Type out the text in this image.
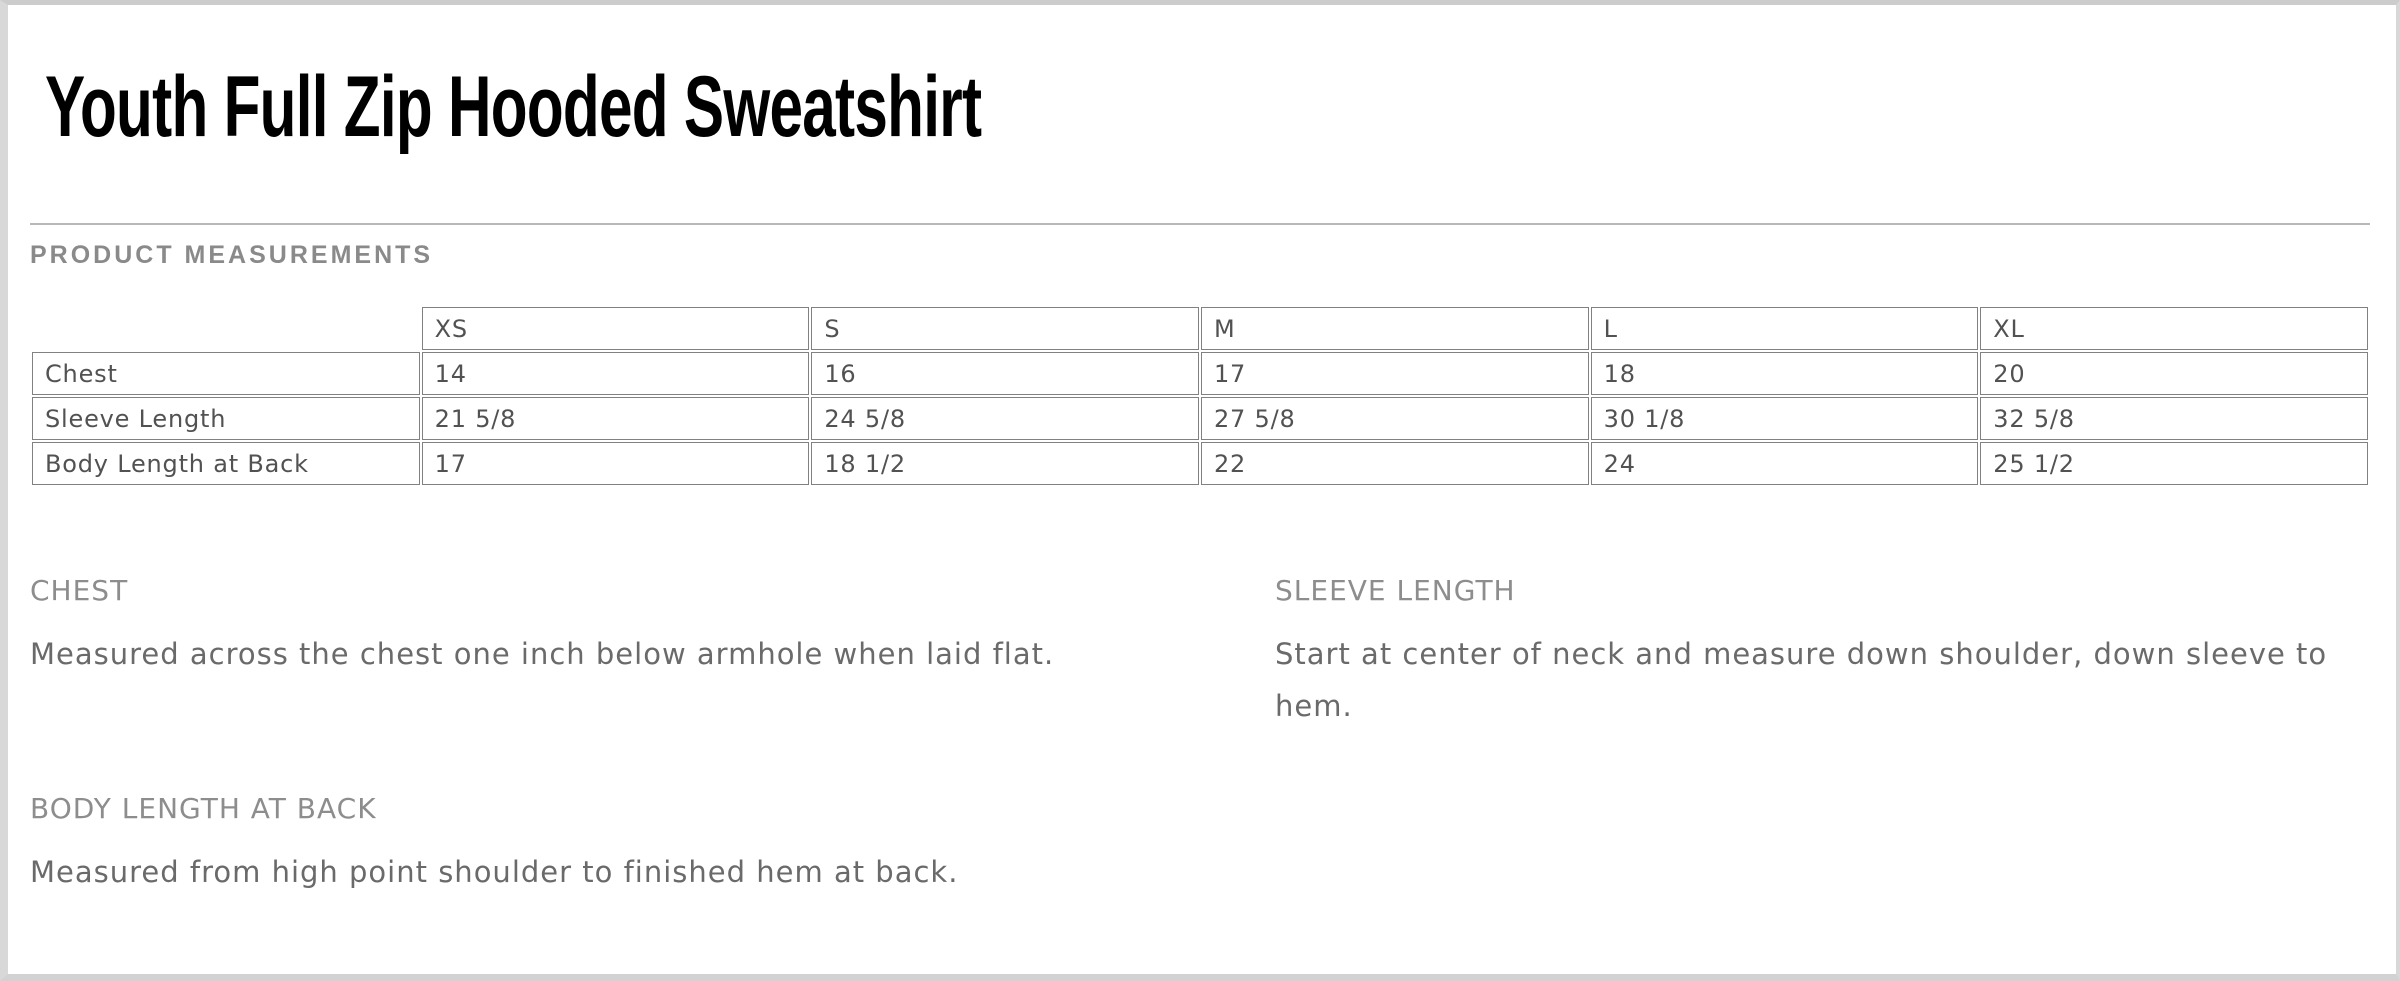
Youth Full Zip Hooded Sweatshirt
PRODUCT MEASUREMENTS
	XS	S	M	L	XL
Chest	14	16	17	18	20
Sleeve Length	21 5/8	24 5/8	27 5/8	30 1/8	32 5/8
Body Length at Back	17	18 1/2	22	24	25 1/2
CHEST

Measured across the chest one inch below armhole when laid flat.

SLEEVE LENGTH

Start at center of neck and measure down shoulder, down sleeve to hem.

BODY LENGTH AT BACK

Measured from high point shoulder to finished hem at back.
